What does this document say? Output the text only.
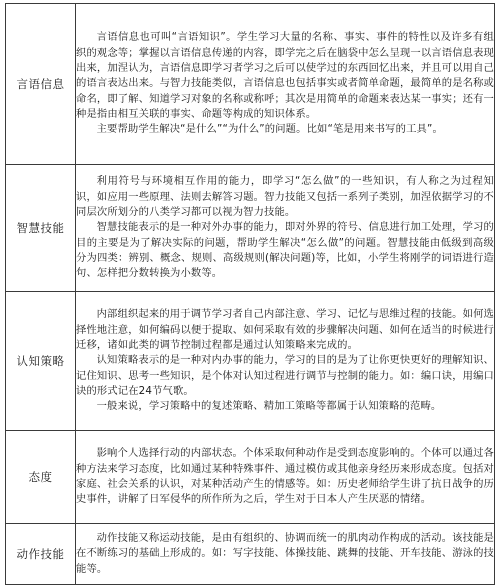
言语信息	言语信息也可叫“言语知识”。学生学习大量的名称、事实、事件的特性以及许多有组织的观念等；掌握以言语信息传递的内容，即学完之后在脑袋中怎么呈现一以言语信息表现出来，加涅认为，言语信息即学习者学习之后可以使学过的东西回忆出来，并且可以用自己的语言表达出来。与智力技能类似，言语信息也包括事实或者简单命题，最简单的是名称或命名，即了解、知道学习对象的名称或称呼；其次是用简单的命题来表达某一事实；还有一种是指由相互关联的事实、命题等构成的知识体系。

主要帮助学生解决“是什么”“为什么”的问题。比如“笔是用来书写的工具”。

智慧技能	利用符号与环境相互作用的能力，即学习“怎么做”的一些知识，有人称之为过程知识，如应用一些原理、法则去解答习题。智力技能又包括一系列子类别，加涅依据学习的不同层次所划分的八类学习都可以视为智力技能。

智慧技能表示的是一种对外办事的能力，即对外界的符号、信息进行加工处理，学习的目的主要是为了解决实际的问题，帮助学生解决“怎么做”的问题。智慧技能由低级到高级分为四类：辨别、概念、规则、高级规则(解决问题)等，比如，小学生将刚学的词语进行造句、怎样把分数转换为小数等。

认知策略	内部组织起来的用于调节学习者自己内部注意、学习、记忆与思维过程的技能。如何选择性地注意，如何编码以便于提取、如何采取有效的步骤解决问题、如何在适当的时候进行迁移，诸如此类的调节控制过程都是通过认知策略来完成的。

认知策略表示的是一种对内办事的能力，学习的目的是为了让你更快更好的理解知识、记住知识、思考一些知识，是个体对认知过程进行调节与控制的能力。如：编口诀，用编口诀的形式记在24节气歌。

一般来说，学习策略中的复述策略、精加工策略等都属于认知策略的范畴。

态度	影响个人选择行动的内部状态。个体采取何种动作是受到态度影响的。个体可以通过各种方法来学习态度，比如通过某种特殊事件、通过模仿或其他亲身经历来形成态度。包括对家庭、社会关系的认识，对某种活动产生的情感等。如：历史老师给学生讲了抗日战争的历史事件，讲解了日军侵华的所作所为之后，学生对于日本人产生厌恶的情绪。

动作技能	动作技能又称运动技能，是由有组织的、协调而统一的肌肉动作构成的活动。该技能是在不断练习的基础上形成的。如：写字技能、体操技能、跳舞的技能、开车技能、游泳的技能等。
